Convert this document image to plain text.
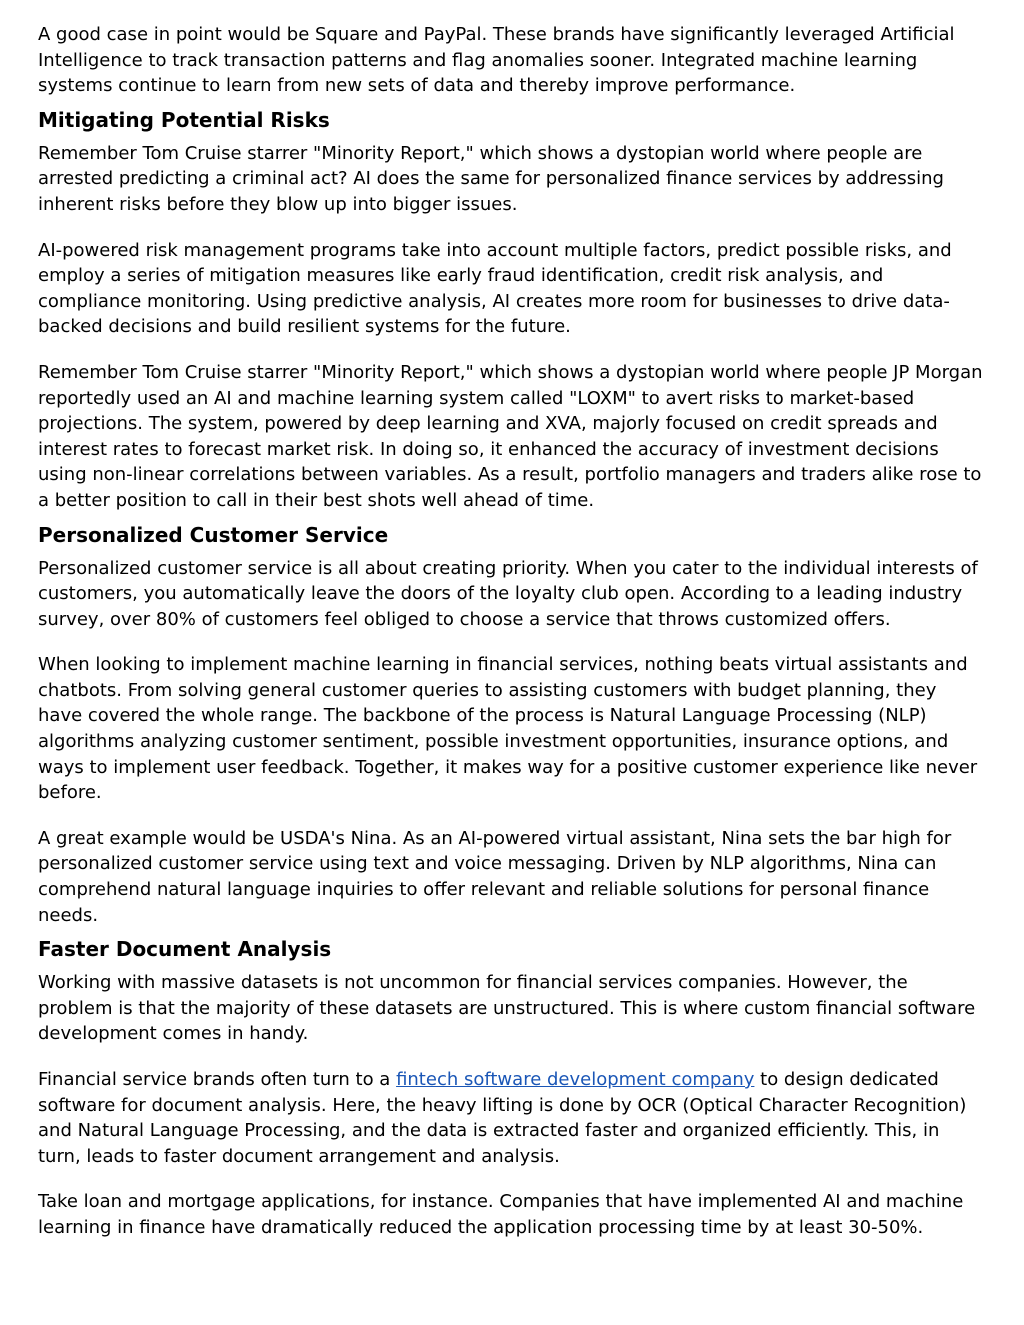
A good case in point would be Square and PayPal. These brands have significantly leveraged Artificial Intelligence to track transaction patterns and flag anomalies sooner. Integrated machine learning systems continue to learn from new sets of data and thereby improve performance.

Mitigating Potential Risks

Remember Tom Cruise starrer "Minority Report," which shows a dystopian world where people are arrested predicting a criminal act? AI does the same for personalized finance services by addressing inherent risks before they blow up into bigger issues.

AI-powered risk management programs take into account multiple factors, predict possible risks, and employ a series of mitigation measures like early fraud identification, credit risk analysis, and compliance monitoring. Using predictive analysis, AI creates more room for businesses to drive data-backed decisions and build resilient systems for the future.

Remember Tom Cruise starrer "Minority Report," which shows a dystopian world where people JP Morgan reportedly used an AI and machine learning system called "LOXM" to avert risks to market-based projections. The system, powered by deep learning and XVA, majorly focused on credit spreads and interest rates to forecast market risk. In doing so, it enhanced the accuracy of investment decisions using non-linear correlations between variables. As a result, portfolio managers and traders alike rose to a better position to call in their best shots well ahead of time.

Personalized Customer Service

Personalized customer service is all about creating priority. When you cater to the individual interests of customers, you automatically leave the doors of the loyalty club open. According to a leading industry survey, over 80% of customers feel obliged to choose a service that throws customized offers.

When looking to implement machine learning in financial services, nothing beats virtual assistants and chatbots. From solving general customer queries to assisting customers with budget planning, they have covered the whole range. The backbone of the process is Natural Language Processing (NLP) algorithms analyzing customer sentiment, possible investment opportunities, insurance options, and ways to implement user feedback. Together, it makes way for a positive customer experience like never before.

A great example would be USDA's Nina. As an AI-powered virtual assistant, Nina sets the bar high for personalized customer service using text and voice messaging. Driven by NLP algorithms, Nina can comprehend natural language inquiries to offer relevant and reliable solutions for personal finance needs.

Faster Document Analysis

Working with massive datasets is not uncommon for financial services companies. However, the problem is that the majority of these datasets are unstructured. This is where custom financial software development comes in handy.

Financial service brands often turn to a fintech software development company to design dedicated software for document analysis. Here, the heavy lifting is done by OCR (Optical Character Recognition) and Natural Language Processing, and the data is extracted faster and organized efficiently. This, in turn, leads to faster document arrangement and analysis.

Take loan and mortgage applications, for instance. Companies that have implemented AI and machine learning in finance have dramatically reduced the application processing time by at least 30-50%.
